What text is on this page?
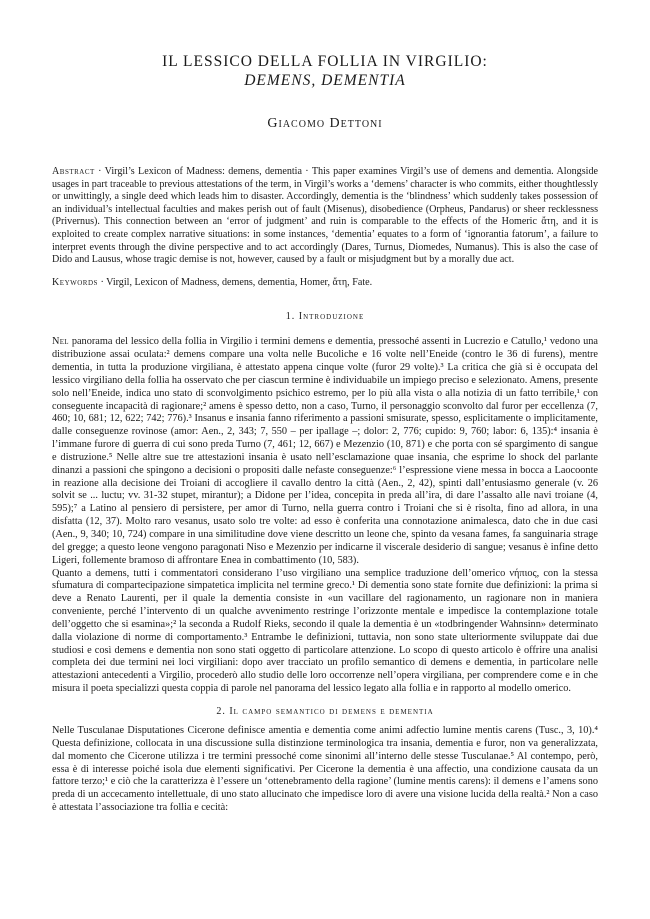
IL LESSICO DELLA FOLLIA IN VIRGILIO:
DEMENS, DEMENTIA
Giacomo Dettoni
Abstract · Virgil’s Lexicon of Madness: demens, dementia · This paper examines Virgil’s use of demens and dementia. Alongside usages in part traceable to previous attestations of the term, in Virgil’s works a ‘demens’ character is who commits, either thoughtlessly or unwittingly, a single deed which leads him to disaster. Accordingly, dementia is the ‘blindness’ which suddenly takes possession of an individual’s intellectual faculties and makes perish out of fault (Misenus), disobedience (Orpheus, Pandarus) or sheer recklessness (Privernus). This connection between an ‘error of judgment’ and ruin is comparable to the effects of the Homeric ἄτη, and it is exploited to create complex narrative situations: in some instances, ‘dementia’ equates to a form of ‘ignorantia fatorum’, a failure to interpret events through the divine perspective and to act accordingly (Dares, Turnus, Diomedes, Numanus). This is also the case of Dido and Lausus, whose tragic demise is not, however, caused by a fault or misjudgment but by a morally due act.
Keywords · Virgil, Lexicon of Madness, demens, dementia, Homer, ἄτη, Fate.
1. Introduzione

Nel panorama del lessico della follia in Virgilio i termini demens e dementia, pressoché assenti in Lucrezio e Catullo,¹ vedono una distribuzione assai oculata:² demens compare una volta nelle Bucoliche e 16 volte nell’Eneide (contro le 36 di furens), mentre dementia, in tutta la produzione virgiliana, è attestato appena cinque volte (furor 29 volte).³ La critica che già si è occupata del lessico virgiliano della follia ha osservato che per ciascun termine è individuabile un impiego preciso e selezionato. Amens, presente solo nell’Eneide, indica uno stato di sconvolgimento psichico estremo, per lo più alla vista o alla notizia di un fatto terribile,¹ con conseguente incapacità di ragionare;² amens è spesso detto, non a caso, Turno, il personaggio sconvolto dal furor per eccellenza (7, 460; 10, 681; 12, 622; 742; 776).³ Insanus e insania fanno riferimento a passioni smisurate, spesso, esplicitamente o implicitamente, dalle conseguenze rovinose (amor: Aen., 2, 343; 7, 550 – per ipallage –; dolor: 2, 776; cupido: 9, 760; labor: 6, 135):⁴ insania è l’immane furore di guerra di cui sono preda Turno (7, 461; 12, 667) e Mezenzio (10, 871) e che porta con sé spargimento di sangue e distruzione.⁵ Nelle altre sue tre attestazioni insania è usato nell’esclamazione quae insania, che esprime lo shock del parlante dinanzi a passioni che spingono a decisioni o propositi dalle nefaste conseguenze:⁶ l’espressione viene messa in bocca a Laocoonte in reazione alla decisione dei Troiani di accogliere il cavallo dentro la città (Aen., 2, 42), spinti dall’entusiasmo generale (v. 26 solvit se ... luctu; vv. 31-32 stupet, mirantur); a Didone per l’idea, concepita in preda all’ira, di dare l’assalto alle navi troiane (4, 595);⁷ a Latino al pensiero di persistere, per amor di Turno, nella guerra contro i Troiani che si è risolta, fino ad allora, in una disfatta (12, 37). Molto raro vesanus, usato solo tre volte: ad esso è conferita una connotazione animalesca, dato che in due casi (Aen., 9, 340; 10, 724) compare in una similitudine dove viene descritto un leone che, spinto da vesana fames, fa sanguinaria strage del gregge; a questo leone vengono paragonati Niso e Mezenzio per indicarne il viscerale desiderio di sangue; vesanus è infine detto Ligeri, follemente bramoso di affrontare Enea in combattimento (10, 583).

Quanto a demens, tutti i commentatori considerano l’uso virgiliano una semplice traduzione dell’omerico νήπιος, con la stessa sfumatura di compartecipazione simpatetica implicita nel termine greco.¹ Di dementia sono state fornite due definizioni: la prima si deve a Renato Laurenti, per il quale la dementia consiste in «un vacillare del ragionamento, un ragionare non in maniera conveniente, perché l’intervento di un qualche avvenimento restringe l’orizzonte mentale e impedisce la contemplazione totale dell’oggetto che si esamina»;² la seconda a Rudolf Rieks, secondo il quale la dementia è un «todbringender Wahnsinn» determinato dalla violazione di norme di comportamento.³ Entrambe le definizioni, tuttavia, non sono state ulteriormente sviluppate dai due studiosi e così demens e dementia non sono stati oggetto di particolare attenzione. Lo scopo di questo articolo è offrire una analisi completa dei due termini nei loci virgiliani: dopo aver tracciato un profilo semantico di demens e dementia, in particolare nelle attestazioni antecedenti a Virgilio, procederò allo studio delle loro occorrenze nell’opera virgiliana, per comprendere come e in che misura il poeta specializzi questa coppia di parole nel panorama del lessico legato alla follia e in rapporto al modello omerico.

2. Il campo semantico di demens e dementia

Nelle Tusculanae Disputationes Cicerone definisce amentia e dementia come animi adfectio lumine mentis carens (Tusc., 3, 10).⁴ Questa definizione, collocata in una discussione sulla distinzione terminologica tra insania, dementia e furor, non va generalizzata, dal momento che Cicerone utilizza i tre termini pressoché come sinonimi all’interno delle stesse Tusculanae.⁵ Al contempo, però, essa è di interesse poiché isola due elementi significativi. Per Cicerone la dementia è una affectio, una condizione causata da un fattore terzo;¹ e ciò che la caratterizza è l’essere un ‘ottenebramento della ragione’ (lumine mentis carens): il demens e l’amens sono preda di un accecamento intellettuale, di uno stato allucinato che impedisce loro di avere una visione lucida della realtà.² Non a caso è attestata l’associazione tra follia e cecità:
